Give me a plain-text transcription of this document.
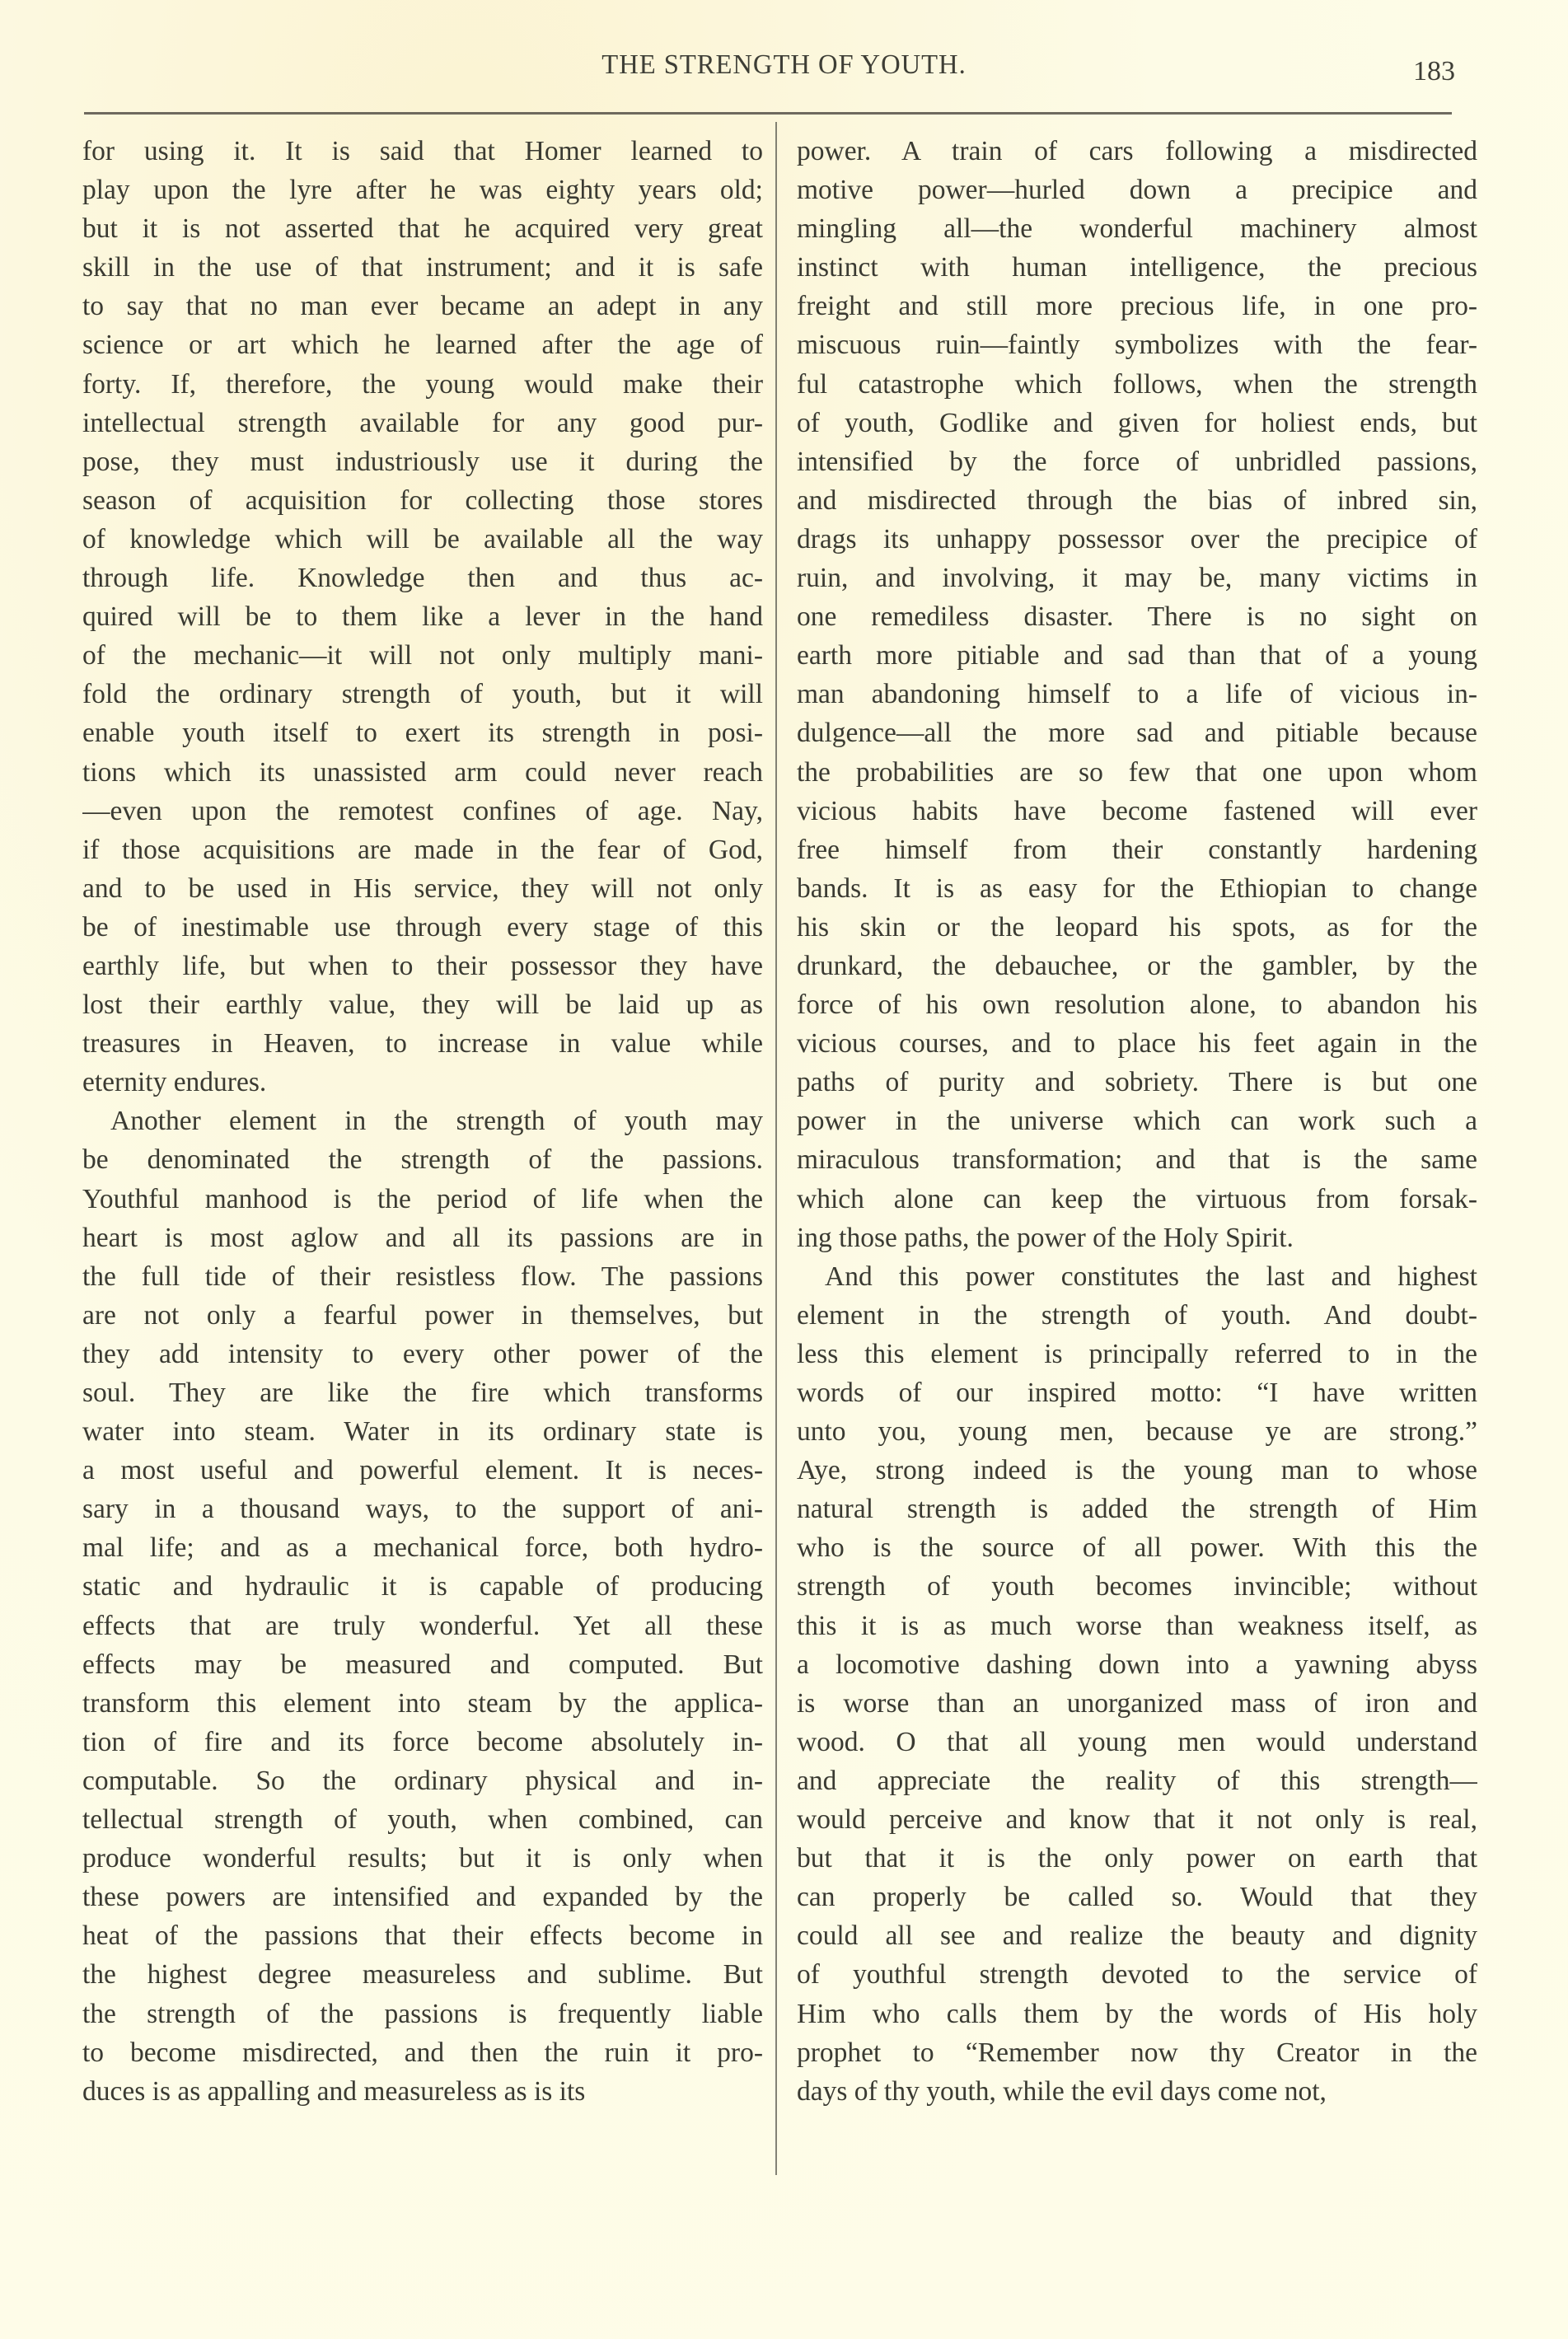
THE STRENGTH OF YOUTH.	183
for using it. It is said that Homer learned to
play upon the lyre after he was eighty years old;
but it is not asserted that he acquired very great
skill in the use of that instrument; and it is safe
to say that no man ever became an adept in any
science or art which he learned after the age of
forty. If, therefore, the young would make their
intellectual strength available for any good pur-
pose, they must industriously use it during the
season of acquisition for collecting those stores
of knowledge which will be available all the way
through life. Knowledge then and thus ac-
quired will be to them like a lever in the hand
of the mechanic—it will not only multiply mani-
fold the ordinary strength of youth, but it will
enable youth itself to exert its strength in posi-
tions which its unassisted arm could never reach
—even upon the remotest confines of age. Nay,
if those acquisitions are made in the fear of God,
and to be used in His service, they will not only
be of inestimable use through every stage of this
earthly life, but when to their possessor they have
lost their earthly value, they will be laid up as
treasures in Heaven, to increase in value while
eternity endures.
Another element in the strength of youth may
be denominated the strength of the passions.
Youthful manhood is the period of life when the
heart is most aglow and all its passions are in
the full tide of their resistless flow. The passions
are not only a fearful power in themselves, but
they add intensity to every other power of the
soul. They are like the fire which transforms
water into steam. Water in its ordinary state is
a most useful and powerful element. It is neces-
sary in a thousand ways, to the support of ani-
mal life; and as a mechanical force, both hydro-
static and hydraulic it is capable of producing
effects that are truly wonderful. Yet all these
effects may be measured and computed. But
transform this element into steam by the applica-
tion of fire and its force become absolutely in-
computable. So the ordinary physical and in-
tellectual strength of youth, when combined, can
produce wonderful results; but it is only when
these powers are intensified and expanded by the
heat of the passions that their effects become in
the highest degree measureless and sublime. But
the strength of the passions is frequently liable
to become misdirected, and then the ruin it pro-
duces is as appalling and measureless as is its
power. A train of cars following a misdirected
motive power—hurled down a precipice and
mingling all—the wonderful machinery almost
instinct with human intelligence, the precious
freight and still more precious life, in one pro-
miscuous ruin—faintly symbolizes with the fear-
ful catastrophe which follows, when the strength
of youth, Godlike and given for holiest ends, but
intensified by the force of unbridled passions,
and misdirected through the bias of inbred sin,
drags its unhappy possessor over the precipice of
ruin, and involving, it may be, many victims in
one remediless disaster. There is no sight on
earth more pitiable and sad than that of a young
man abandoning himself to a life of vicious in-
dulgence—all the more sad and pitiable because
the probabilities are so few that one upon whom
vicious habits have become fastened will ever
free himself from their constantly hardening
bands. It is as easy for the Ethiopian to change
his skin or the leopard his spots, as for the
drunkard, the debauchee, or the gambler, by the
force of his own resolution alone, to abandon his
vicious courses, and to place his feet again in the
paths of purity and sobriety. There is but one
power in the universe which can work such a
miraculous transformation; and that is the same
which alone can keep the virtuous from forsak-
ing those paths, the power of the Holy Spirit.
And this power constitutes the last and highest
element in the strength of youth. And doubt-
less this element is principally referred to in the
words of our inspired motto: “I have written
unto you, young men, because ye are strong.”
Aye, strong indeed is the young man to whose
natural strength is added the strength of Him
who is the source of all power. With this the
strength of youth becomes invincible; without
this it is as much worse than weakness itself, as
a locomotive dashing down into a yawning abyss
is worse than an unorganized mass of iron and
wood. O that all young men would understand
and appreciate the reality of this strength—
would perceive and know that it not only is real,
but that it is the only power on earth that
can properly be called so. Would that they
could all see and realize the beauty and dignity
of youthful strength devoted to the service of
Him who calls them by the words of His holy
prophet to “Remember now thy Creator in the
days of thy youth, while the evil days come not,
